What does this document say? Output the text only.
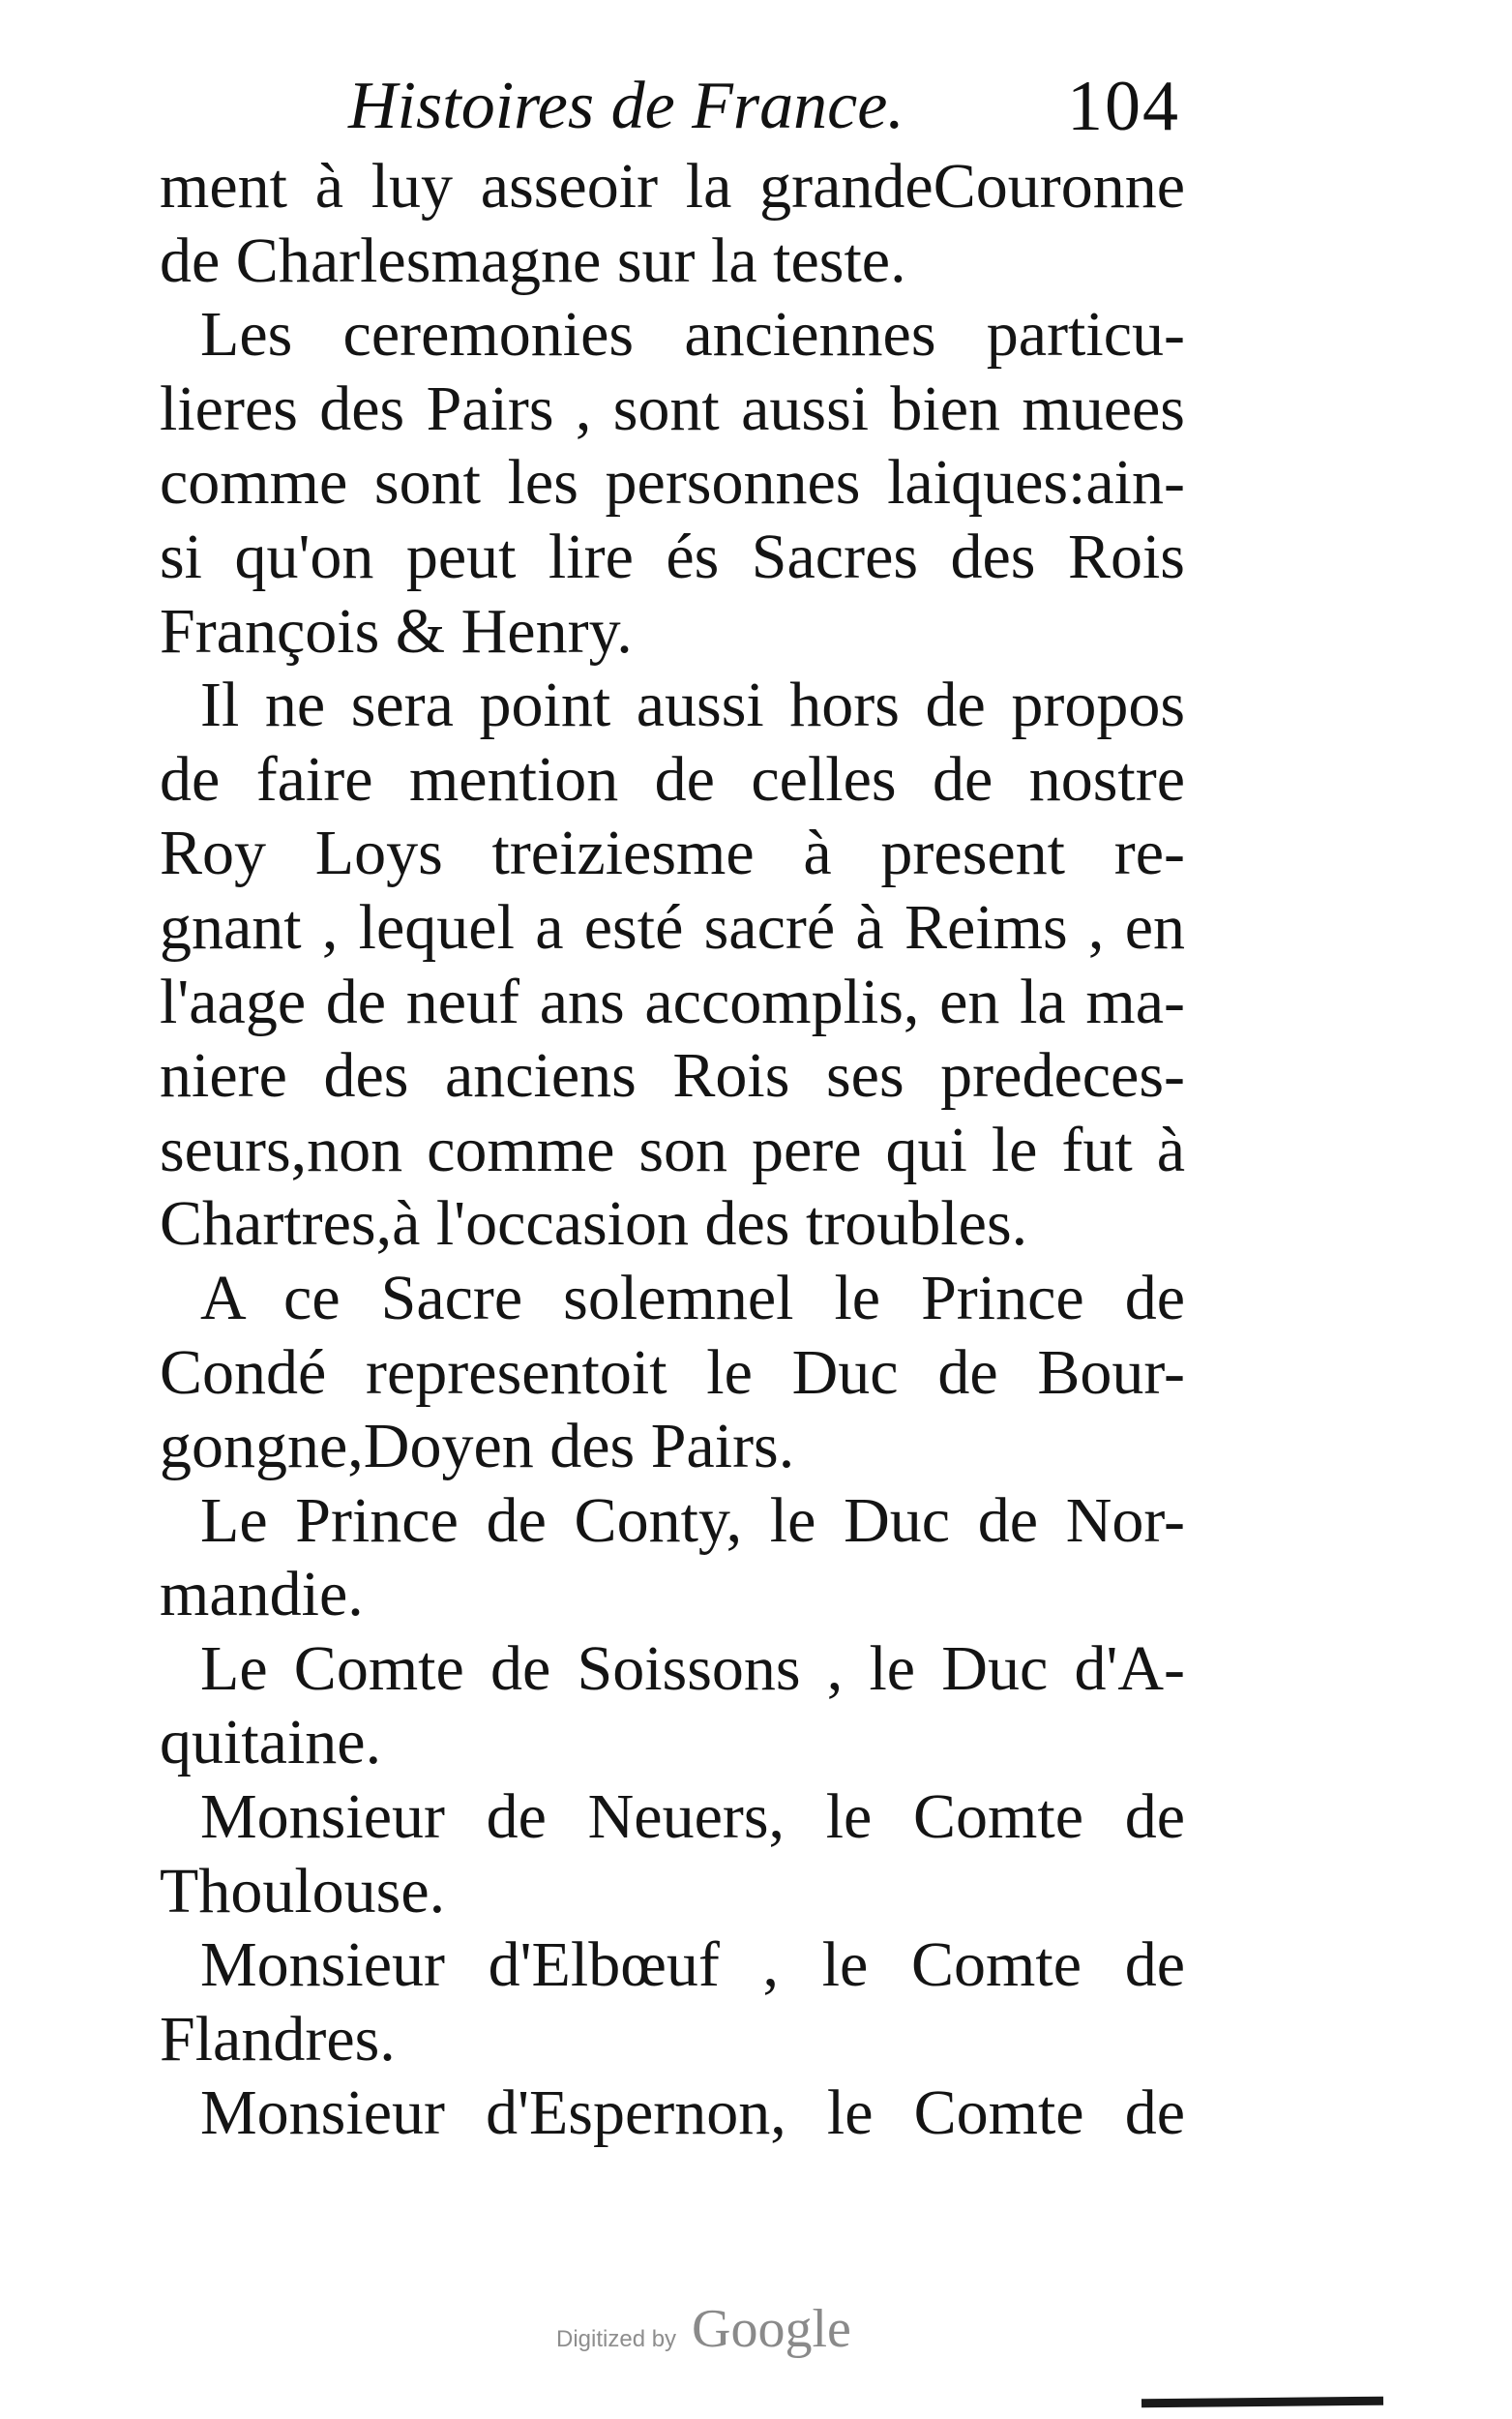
Histoires de France. 104
ment à luy asseoir la grandeCouronne
de Charlesmagne sur la teste.
Les ceremonies anciennes particu-
lieres des Pairs , sont aussi bien muees
comme sont les personnes laiques:ain-
si qu'on peut lire és Sacres des Rois
François & Henry.
Il ne sera point aussi hors de propos
de faire mention de celles de nostre
Roy Loys treiziesme à present re-
gnant , lequel a esté sacré à Reims , en
l'aage de neuf ans accomplis, en la ma-
niere des anciens Rois ses predeces-
seurs,non comme son pere qui le fut à
Chartres,à l'occasion des troubles.
A ce Sacre solemnel le Prince de
Condé representoit le Duc de Bour-
gongne,Doyen des Pairs.
Le Prince de Conty, le Duc de Nor-
mandie.
Le Comte de Soissons , le Duc d'A-
quitaine.
Monsieur de Neuers, le Comte de
Thoulouse.
Monsieur d'Elbœuf , le Comte de
Flandres.
Monsieur d'Espernon, le Comte de
Digitized by Google
